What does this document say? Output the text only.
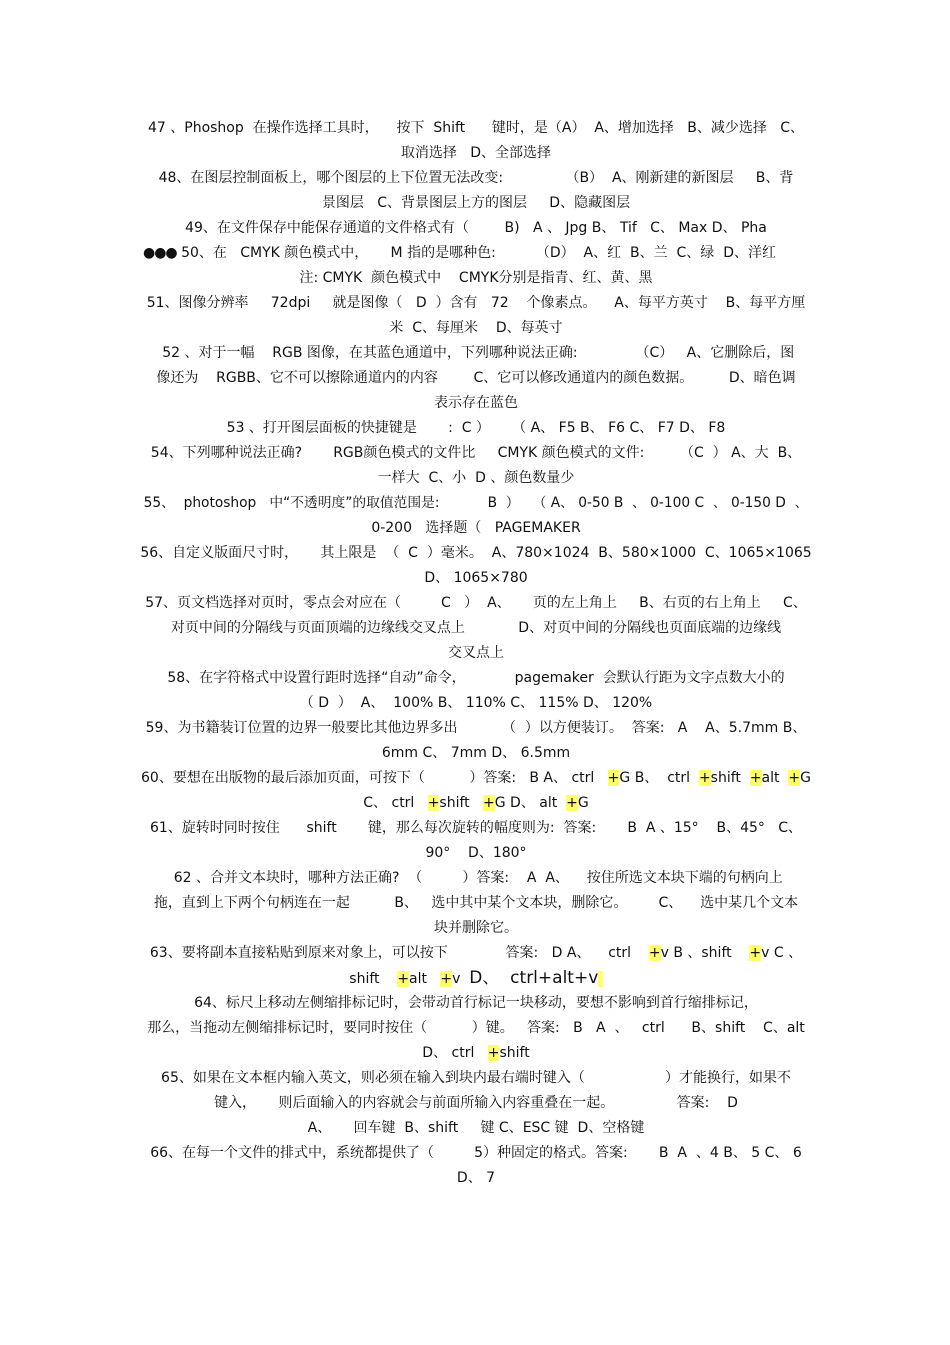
47 、Phoshop  在操作选择工具时，    按下  Shift      键时，是（A）  A、增加选择   B、减少选择   C、
取消选择   D、全部选择
48、在图层控制面板上，哪个图层的上下位置无法改变:              （B）  A、刚新建的新图层     B、背
景图层   C、背景图层上方的图层     D、隐藏图层
49、在文件保存中能保存通道的文件格式有（        B)   A 、 Jpg B、 Tif   C、 Max D、 Pha
●●● 50、在   CMYK 颜色模式中，     M 指的是哪种色:         （D）  A、红  B、兰  C、绿  D、洋红
注: CMYK  颜色模式中    CMYK分别是指青、红、黄、黑
51、图像分辨率     72dpi     就是图像（   D  ）含有   72    个像素点。    A、每平方英寸    B、每平方厘
米  C、每厘米    D、每英寸
52 、对于一幅    RGB 图像，在其蓝色通道中，下列哪种说法正确:             （C）   A、它删除后，图
像还为    RGBB、它不可以擦除通道内的内容        C、它可以修改通道内的颜色数据。        D、暗色调
表示存在蓝色
53 、打开图层面板的快捷键是       :  C ）     （ A、 F5 B、 F6 C、 F7 D、 F8
54、下列哪种说法正确?       RGB颜色模式的文件比     CMYK 颜色模式的文件:        （C  ） A、大  B、
一样大  C、小  D 、颜色数量少
55、  photoshop   中“不透明度”的取值范围是:           B  ）   （ A、 0-50 B  、 0-100 C  、 0-150 D  、
0-200   选择题（   PAGEMAKER
56、自定义版面尺寸时，     其上限是  （  C  ）毫米。  A、780×1024  B、580×1000  C、1065×1065
D、 1065×780
57、页文档选择对页时，零点会对应在（         C   ）  A、     页的左上角上     B、右页的右上角上     C、
对页中间的分隔线与页面顶端的边缘线交叉点上            D、对页中间的分隔线也页面底端的边缘线
交叉点上
58、在字符格式中设置行距时选择“自动”命令，           pagemaker  会默认行距为文字点数大小的
（ D  ）  A、  100% B、 110% C、 115% D、 120%
59、为书籍装订位置的边界一般要比其他边界多出          （  ）以方便装订。  答案:   A    A、5.7mm B、
6mm C、 7mm D、 6.5mm
60、要想在出版物的最后添加页面，可按下（          ）答案:   B A、 ctrl   +G B、  ctrl  +shift  +alt  +G
C、 ctrl   +shift   +G D、 alt  +G
61、旋转时同时按住      shift       键，那么每次旋转的幅度则为:  答案:       B  A 、15°    B、45°   C、
90°    D、180°
62 、合并文本块时，哪种方法正确?  （         ）答案:    A  A、    按住所选文本块下端的句柄向上
拖，直到上下两个句柄连在一起          B、   选中其中某个文本块，删除它。       C、    选中某几个文本
块并删除它。
63、要将副本直接粘贴到原来对象上，可以按下             答案:   D A、    ctrl    +v B 、shift    +v C 、
shift    +alt   +v  D、  ctrl+alt+v
64、标尺上移动左侧缩排标记时，会带动首行标记一块移动，要想不影响到首行缩排标记，
那么，当拖动左侧缩排标记时，要同时按住（          ）键。   答案:   B   A  、   ctrl      B、shift    C、alt
D、 ctrl   +shift
65、如果在文本框内输入英文，则必须在输入到块内最右端时键入（                  ）才能换行，如果不
键入，     则后面输入的内容就会与前面所输入内容重叠在一起。              答案:    D
A、     回车键  B、shift     键 C、ESC 键  D、空格键
66、在每一个文件的排式中，系统都提供了（         5）种固定的格式。答案:       B  A  、4 B、 5 C、 6
D、 7
